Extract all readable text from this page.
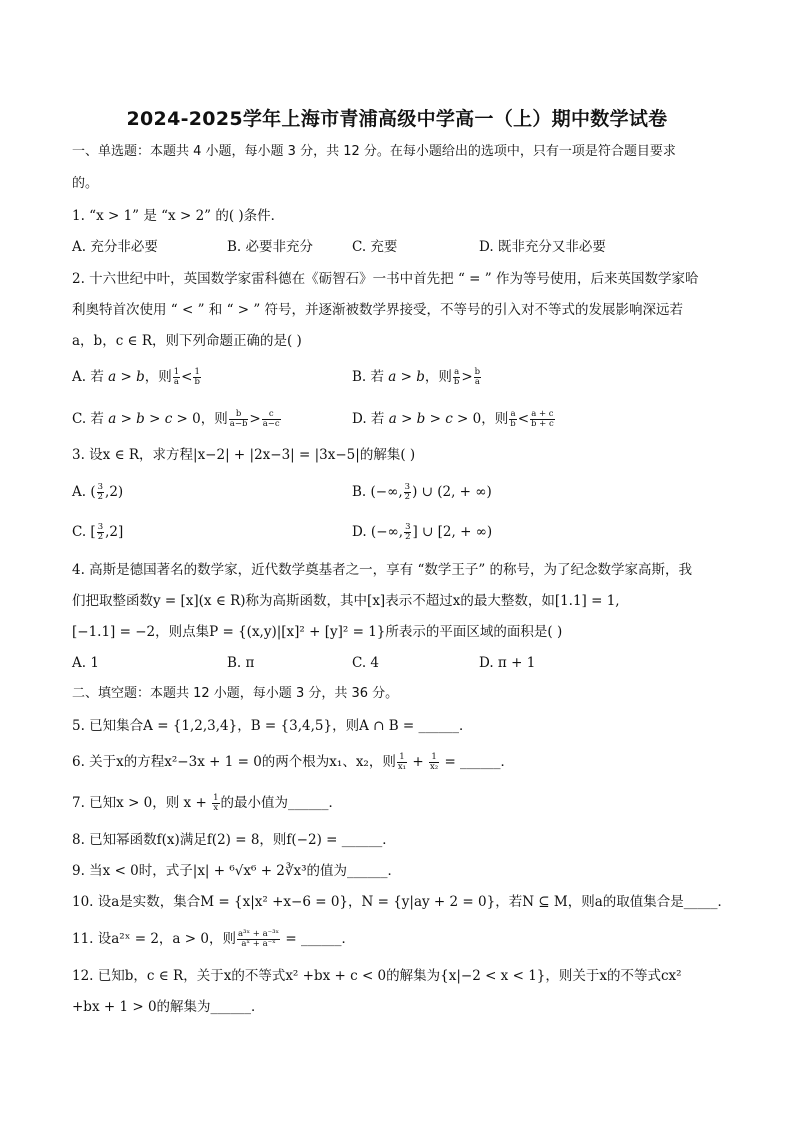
2024-2025学年上海市青浦高级中学高一（上）期中数学试卷
一、单选题：本题共 4 小题，每小题 3 分，共 12 分。在每小题给出的选项中，只有一项是符合题目要求
的。
1. “x > 1” 是 “x > 2” 的( )条件．
A. 充分非必要	B. 必要非充分	C. 充要	D. 既非充分又非必要
2. 十六世纪中叶，英国数学家雷科德在《砺智石》一书中首先把 “ = ” 作为等号使用，后来英国数学家哈
利奥特首次使用 “ < ” 和 “ > ” 符号，并逐渐被数学界接受，不等号的引入对不等式的发展影响深远若
a，b，c ∈ R，则下列命题正确的是( )
A. 若 a > b，则 $\frac{1}{a} < \frac{1}{b}$	B. 若 a > b，则 $\frac{a}{b} > \frac{b}{a}$
C. 若 a > b > c > 0，则 $\frac{b}{a-b} > \frac{c}{a-c}$	D. 若 a > b > c > 0，则 $\frac{a}{b} < \frac{a + c}{b + c}$
3. 设x ∈ R，求方程|x−2| + |2x−3| = |3x−5|的解集( )
A. ( $\frac{3}{2} ,2$)	B. (−∞, $\frac{3}{2}$ ) ∪ (2, + ∞)
C. [ $\frac{3}{2} ,2$]	D. (−∞, $\frac{3}{2}$ ] ∪ [2, + ∞)
4. 高斯是德国著名的数学家，近代数学奠基者之一，享有 “数学王子” 的称号，为了纪念数学家高斯，我
们把取整函数y = [x](x ∈ R)称为高斯函数，其中[x]表示不超过x的最大整数，如[1.1] = 1,
[−1.1] = −2，则点集P = {(x,y)|[x]² + [y]² = 1}所表示的平面区域的面积是( )
A. 1	B. π	C. 4	D. π + 1
二、填空题：本题共 12 小题，每小题 3 分，共 36 分。
5. 已知集合A = {1,2,3,4}，B = {3,4,5}，则A ∩ B = ______．
6. 关于x的方程x²−3x + 1 = 0的两个根为x₁、x₂，则 $\frac{1}{\text{x₁}} + \frac{1}{\text{x₂}}$ = ______．
7. 已知x > 0，则 $x + \frac{1}{x}$ 的最小值为______．
8. 已知幂函数f(x)满足f(2) = 8，则f(−2) = ______．
9. 当x < 0时，式子|x| + ⁶√x⁶ + 2∛x³的值为______．
10. 设a是实数，集合M = {x|x² +x−6 = 0}，N = {y|ay + 2 = 0}，若N ⊆ M，则a的取值集合是_____．
11. 设a²ˣ = 2，a > 0，则 $\frac{\text{a³ˣ + a⁻³ˣ}}{\text{aˣ + a⁻ˣ}}$ = ______．
12. 已知b，c ∈ R，关于x的不等式x² +bx + c < 0的解集为{x|−2 < x < 1}，则关于x的不等式cx²
+bx + 1 > 0的解集为______．
